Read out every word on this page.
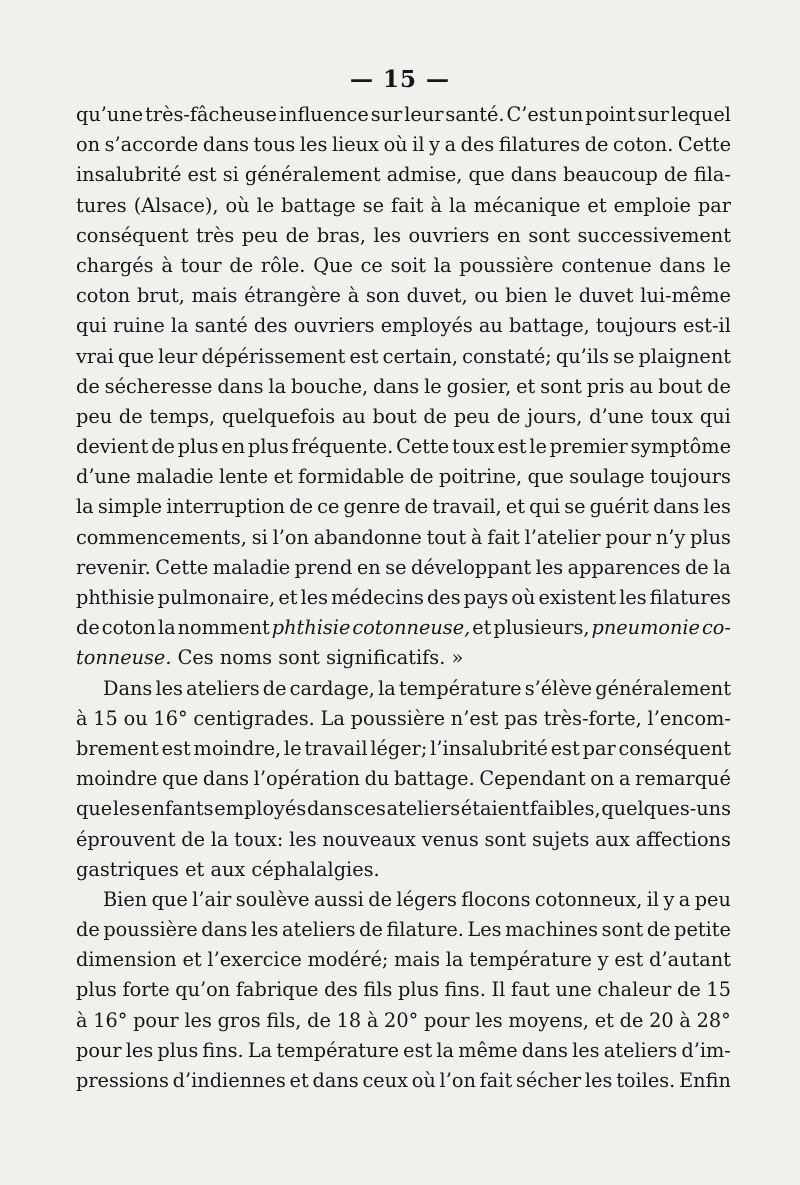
— 15 —
qu’une très-fâcheuse influence sur leur santé. C’est un point sur lequel
on s’accorde dans tous les lieux où il y a des filatures de coton. Cette
insalubrité est si généralement admise, que dans beaucoup de fila-
tures (Alsace), où le battage se fait à la mécanique et emploie par
conséquent très peu de bras, les ouvriers en sont successivement
chargés à tour de rôle. Que ce soit la poussière contenue dans le
coton brut, mais étrangère à son duvet, ou bien le duvet lui-même
qui ruine la santé des ouvriers employés au battage, toujours est-il
vrai que leur dépérissement est certain, constaté; qu’ils se plaignent
de sécheresse dans la bouche, dans le gosier, et sont pris au bout de
peu de temps, quelquefois au bout de peu de jours, d’une toux qui
devient de plus en plus fréquente. Cette toux est le premier symptôme
d’une maladie lente et formidable de poitrine, que soulage toujours
la simple interruption de ce genre de travail, et qui se guérit dans les
commencements, si l’on abandonne tout à fait l’atelier pour n’y plus
revenir. Cette maladie prend en se développant les apparences de la
phthisie pulmonaire, et les médecins des pays où existent les filatures
de coton la nomment phthisie cotonneuse, et plusieurs, pneumonie co-
tonneuse. Ces noms sont significatifs. »
Dans les ateliers de cardage, la température s’élève généralement
à 15 ou 16° centigrades. La poussière n’est pas très-forte, l’encom-
brement est moindre, le travail léger; l’insalubrité est par conséquent
moindre que dans l’opération du battage. Cependant on a remarqué
que les enfants employés dans ces ateliers étaient faibles, quelques-uns
éprouvent de la toux: les nouveaux venus sont sujets aux affections
gastriques et aux céphalalgies.
Bien que l’air soulève aussi de légers flocons cotonneux, il y a peu
de poussière dans les ateliers de filature. Les machines sont de petite
dimension et l’exercice modéré; mais la température y est d’autant
plus forte qu’on fabrique des fils plus fins. Il faut une chaleur de 15
à 16° pour les gros fils, de 18 à 20° pour les moyens, et de 20 à 28°
pour les plus fins. La température est la même dans les ateliers d’im-
pressions d’indiennes et dans ceux où l’on fait sécher les toiles. Enfin
